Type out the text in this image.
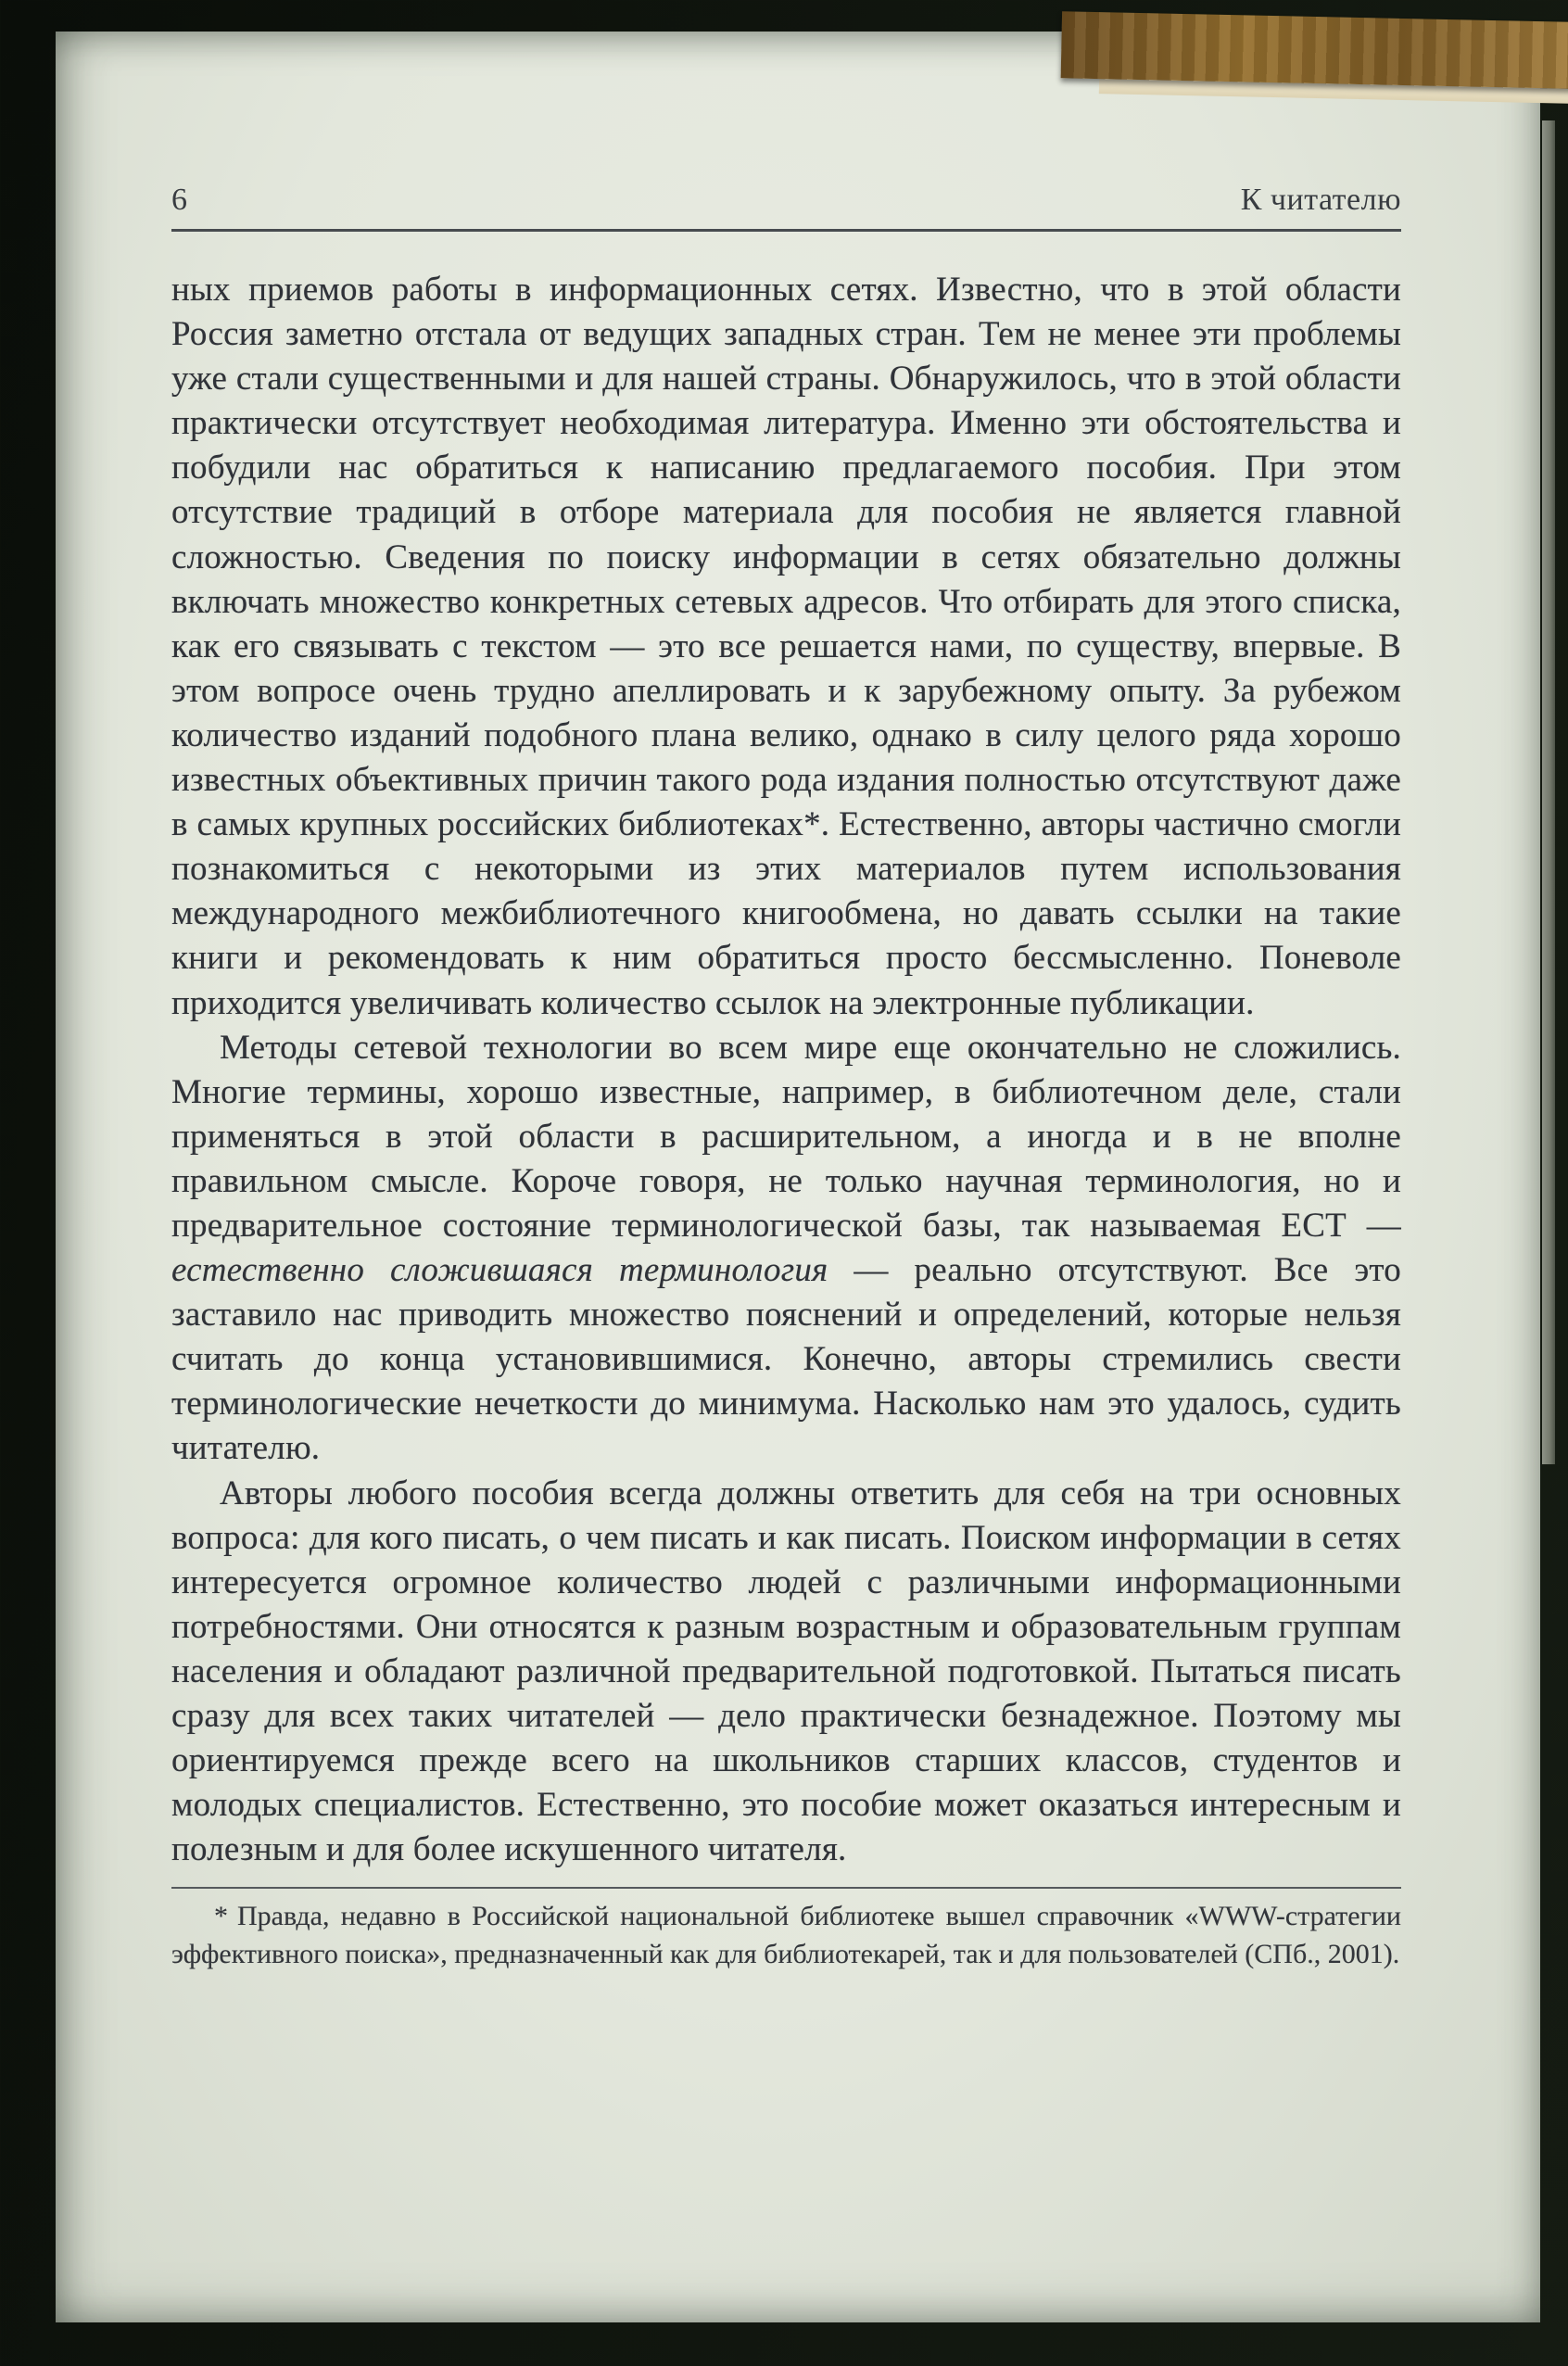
6	К читателю

ных приемов работы в информационных сетях. Известно, что в этой области Россия заметно отстала от ведущих западных стран. Тем не менее эти проблемы уже стали существенными и для нашей страны. Обнаружилось, что в этой области практически отсутствует необходимая литература. Именно эти обстоятельства и побудили нас обратиться к написанию предлагаемого пособия. При этом отсутствие традиций в отборе материала для пособия не является главной сложностью. Сведения по поиску информации в сетях обязательно должны включать множество конкретных сетевых адресов. Что отбирать для этого списка, как его связывать с текстом — это все решается нами, по существу, впервые. В этом вопросе очень трудно апеллировать и к зарубежному опыту. За рубежом количество изданий подобного плана велико, однако в силу целого ряда хорошо известных объективных причин такого рода издания полностью отсутствуют даже в самых крупных российских библиотеках*. Естественно, авторы частично смогли познакомиться с некоторыми из этих материалов путем использования международного межбиблиотечного книгообмена, но давать ссылки на такие книги и рекомендовать к ним обратиться просто бессмысленно. Поневоле приходится увеличивать количество ссылок на электронные публикации.

Методы сетевой технологии во всем мире еще окончательно не сложились. Многие термины, хорошо известные, например, в библиотечном деле, стали применяться в этой области в расширительном, а иногда и в не вполне правильном смысле. Короче говоря, не только научная терминология, но и предварительное состояние терминологической базы, так называемая ЕСТ — естественно сложившаяся терминология — реально отсутствуют. Все это заставило нас приводить множество пояснений и определений, которые нельзя считать до конца установившимися. Конечно, авторы стремились свести терминологические нечеткости до минимума. Насколько нам это удалось, судить читателю.

Авторы любого пособия всегда должны ответить для себя на три основных вопроса: для кого писать, о чем писать и как писать. Поиском информации в сетях интересуется огромное количество людей с различными информационными потребностями. Они относятся к разным возрастным и образовательным группам населения и обладают различной предварительной подготовкой. Пытаться писать сразу для всех таких читателей — дело практически безнадежное. Поэтому мы ориентируемся прежде всего на школьников старших классов, студентов и молодых специалистов. Естественно, это пособие может оказаться интересным и полезным и для более искушенного читателя.

* Правда, недавно в Российской национальной библиотеке вышел справочник «WWW-стратегии эффективного поиска», предназначенный как для библиотекарей, так и для пользователей (СПб., 2001).
